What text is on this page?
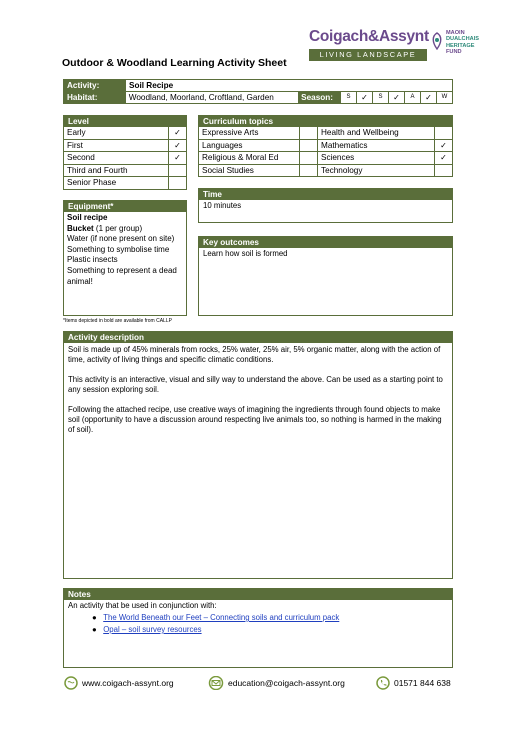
Outdoor & Woodland Learning Activity Sheet
Coigach&Assynt
LIVING LANDSCAPE
MAOIN
DUALCHAIS
HERITAGE
FUND
Activity:	Soil Recipe
Habitat:	Woodland, Moorland, Croftland, Garden	Season:	S	✓	S	✓	A	✓	W
Level
Early	✓
First	✓
Second	✓
Third and Fourth
Senior Phase
Curriculum topics
Expressive Arts	Health and Wellbeing
Languages	Mathematics	✓
Religious & Moral Ed	Sciences	✓
Social Studies	Technology
Equipment*
Soil recipe
Bucket (1 per group)
Water (if none present on site)
Something to symbolise time
Plastic insects
Something to represent a dead animal!
*Items depicted in bold are available from CALLP
Time
10 minutes
Key outcomes
Learn how soil is formed
Activity description

Soil is made up of 45% minerals from rocks, 25% water, 25% air, 5% organic matter, along with the action of time, activity of living things and specific climatic conditions.

This activity is an interactive, visual and silly way to understand the above. Can be used as a starting point to any session exploring soil.

Following the attached recipe, use creative ways of imagining the ingredients through found objects to make soil (opportunity to have a discussion around respecting live animals too, so nothing is harmed in the making of soil).

Notes
An activity that be used in conjunction with:
●   The World Beneath our Feet – Connecting soils and curriculum pack
●   Opal – soil survey resources
www.coigach-assynt.org	education@coigach-assynt.org	01571 844 638
